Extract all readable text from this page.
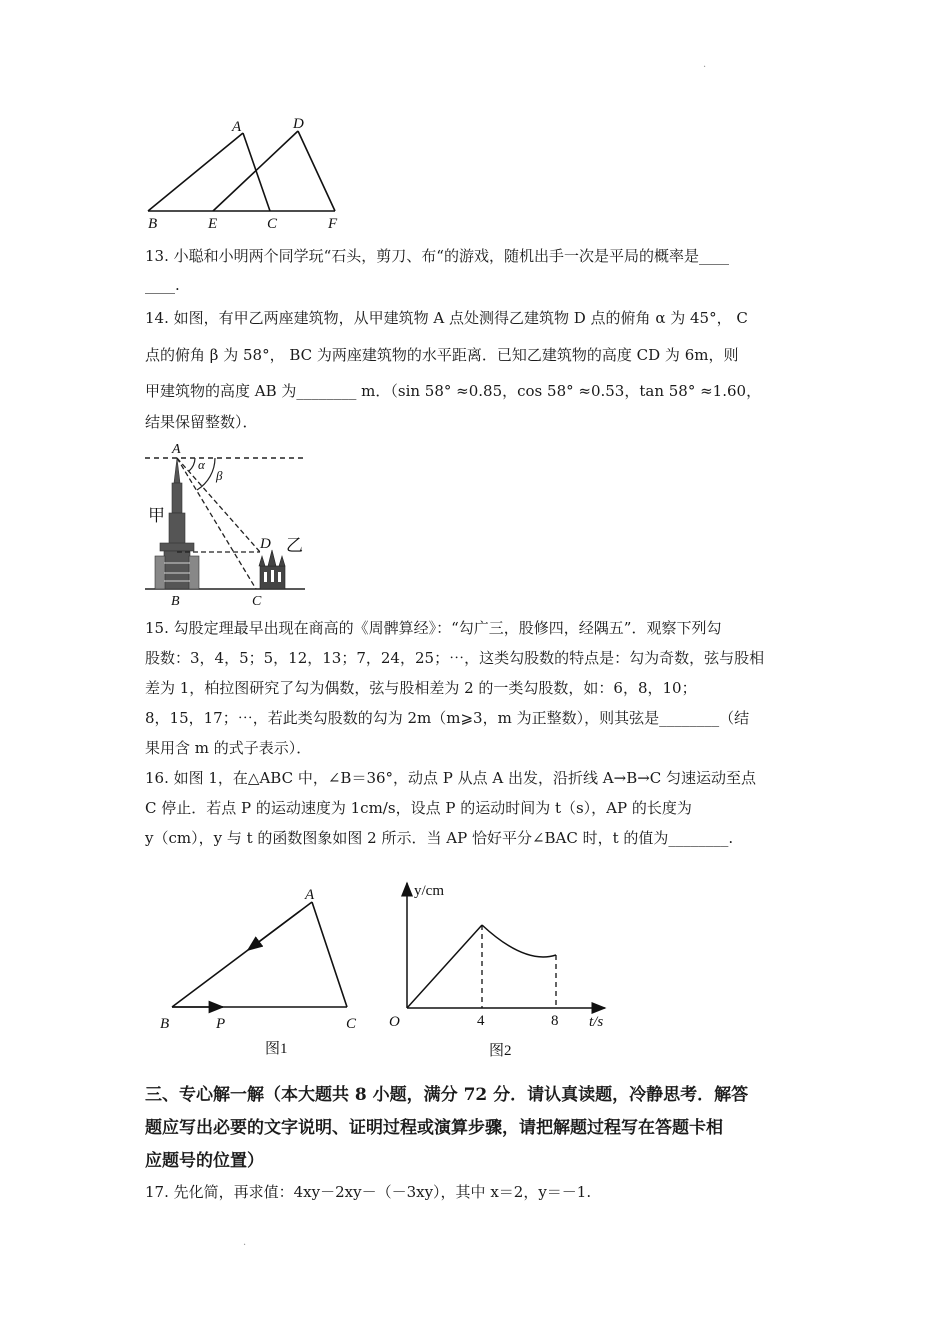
·
·
A	D
B	E	C	F
13. 小聪和小明两个同学玩“石头，剪刀、布“的游戏，随机出手一次是平局的概率是____
____.
14. 如图，有甲乙两座建筑物，从甲建筑物 A 点处测得乙建筑物 D 点的俯角 α 为 45°， C
点的俯角 β 为 58°， BC 为两座建筑物的水平距离．已知乙建筑物的高度 CD 为 6m，则
甲建筑物的高度 AB 为________ m．（sin 58° ≈0.85，cos 58° ≈0.53，tan 58° ≈1.60，
结果保留整数）．
A
α
β
甲
D 乙
B	C
15. 勾股定理最早出现在商高的《周髀算经》：“勾广三，股修四，经隅五”．观察下列勾
股数：3，4，5；5，12，13；7，24，25；⋯，这类勾股数的特点是：勾为奇数，弦与股相
差为 1，柏拉图研究了勾为偶数，弦与股相差为 2 的一类勾股数，如：6，8，10；
8，15，17；⋯，若此类勾股数的勾为 2m（m⩾3，m 为正整数），则其弦是________（结
果用含 m 的式子表示）．
16. 如图 1，在△ABC 中，∠B＝36°，动点 P 从点 A 出发，沿折线 A→B→C 匀速运动至点
C 停止．若点 P 的运动速度为 1cm/s，设点 P 的运动时间为 t（s），AP 的长度为
y（cm），y 与 t 的函数图象如图 2 所示．当 AP 恰好平分∠BAC 时，t 的值为________.
A
B	P	C
图1
y/cm
t/s
O	4	8
图2
三、专心解一解（本大题共 8 小题，满分 72 分．请认真读题，冷静思考．解答
题应写出必要的文字说明、证明过程或演算步骤，请把解题过程写在答题卡相
应题号的位置）
17. 先化简，再求值：4xy－2xy－（－3xy），其中 x＝2，y＝－1.
